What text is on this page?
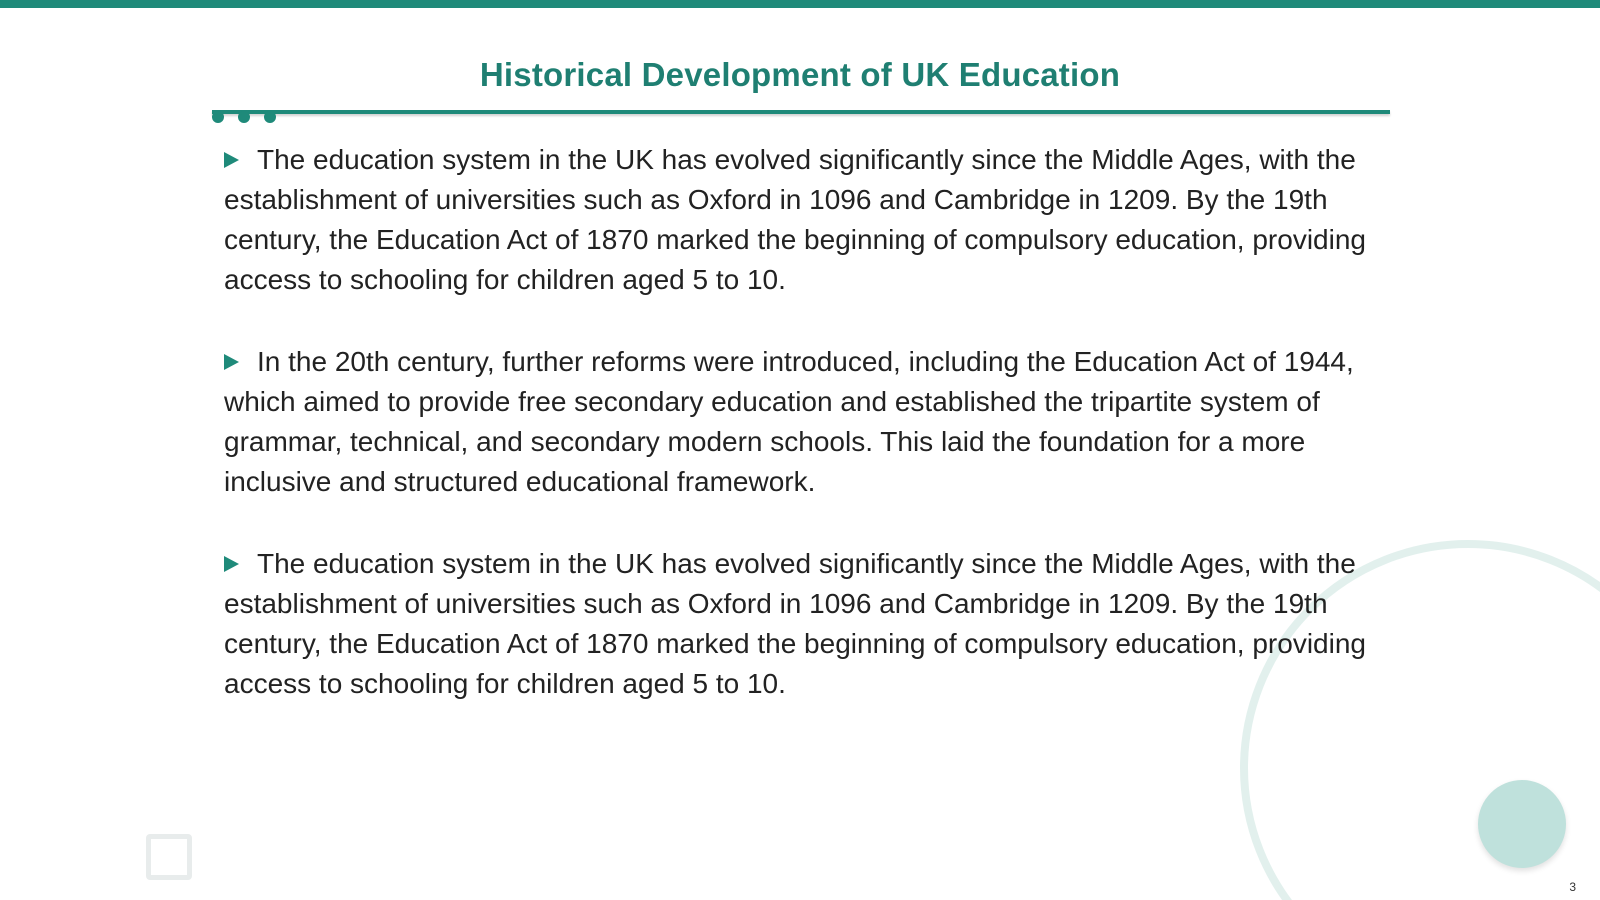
Historical Development of UK Education

The education system in the UK has evolved significantly since the Middle Ages, with the establishment of universities such as Oxford in 1096 and Cambridge in 1209. By the 19th century, the Education Act of 1870 marked the beginning of compulsory education, providing access to schooling for children aged 5 to 10.

In the 20th century, further reforms were introduced, including the Education Act of 1944, which aimed to provide free secondary education and established the tripartite system of grammar, technical, and secondary modern schools. This laid the foundation for a more inclusive and structured educational framework.

The education system in the UK has evolved significantly since the Middle Ages, with the establishment of universities such as Oxford in 1096 and Cambridge in 1209. By the 19th century, the Education Act of 1870 marked the beginning of compulsory education, providing access to schooling for children aged 5 to 10.

3
